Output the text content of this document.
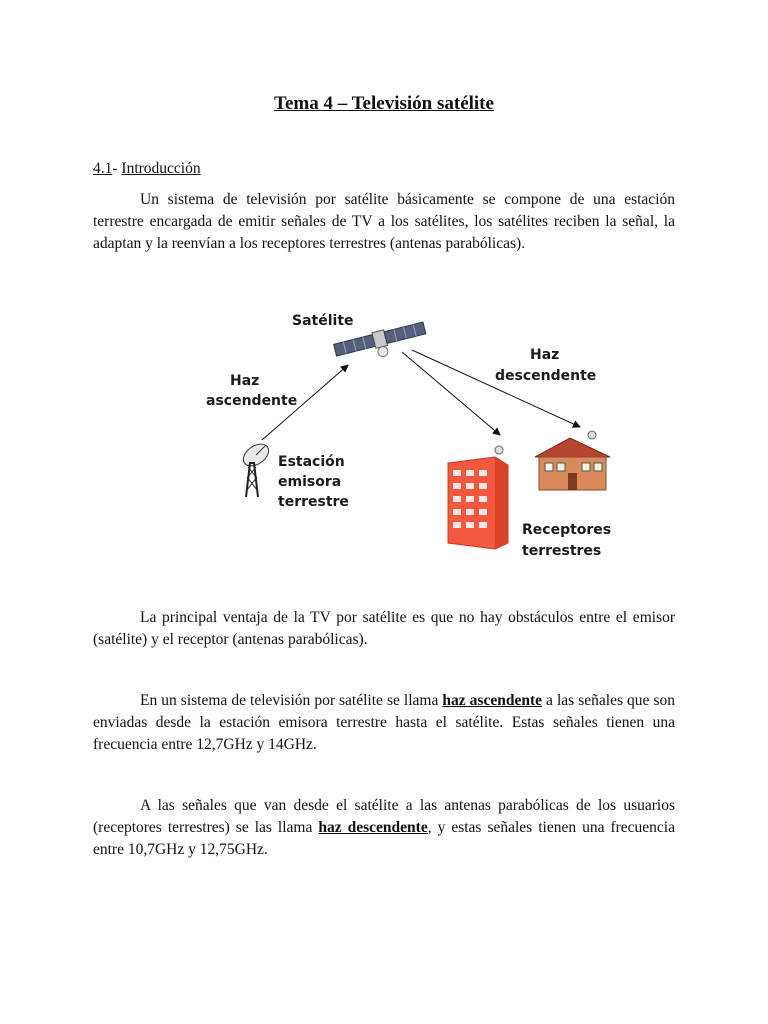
Tema 4 – Televisión satélite
4.1- Introducción

Un sistema de televisión por satélite básicamente se compone de una estación terrestre encargada de emitir señales de TV a los satélites, los satélites reciben la señal, la adaptan y la reenvían a los receptores terrestres (antenas parabólicas).

Satélite

Haz

ascendente

Haz

descendente

Estación

emisora

terrestre

Receptores

terrestres

La principal ventaja de la TV por satélite es que no hay obstáculos entre el emisor (satélite) y el receptor (antenas parabólicas).

En un sistema de televisión por satélite se llama haz ascendente a las señales que son enviadas desde la estación emisora terrestre hasta el satélite. Estas señales tienen una frecuencia entre 12,7GHz y 14GHz.

A las señales que van desde el satélite a las antenas parabólicas de los usuarios (receptores terrestres) se las llama haz descendente, y estas señales tienen una frecuencia entre 10,7GHz y 12,75GHz.
